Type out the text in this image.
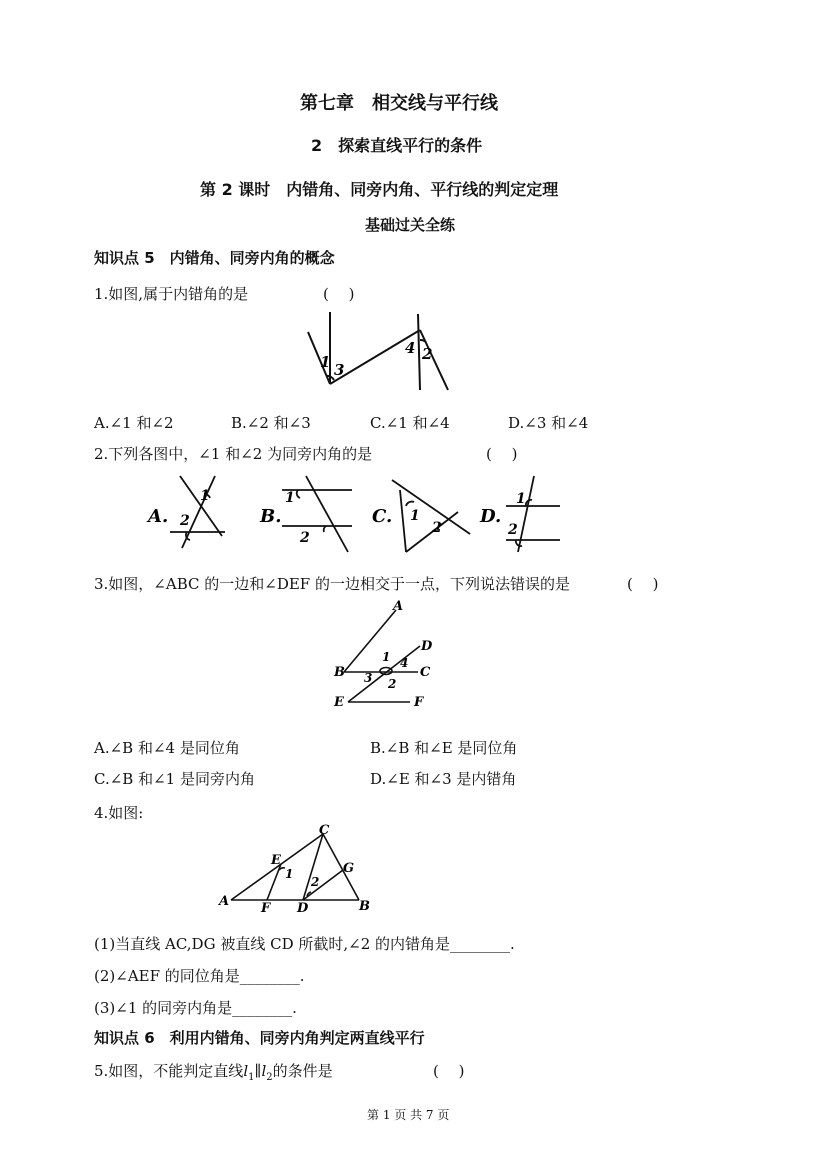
第七章　相交线与平行线
2　探索直线平行的条件
第 2 课时　内错角、同旁内角、平行线的判定定理
基础过关全练
知识点 5　内错角、同旁内角的概念
1.如图,属于内错角的是	(　 )
1 3
4 2
A.∠1 和∠2	B.∠2 和∠3	C.∠1 和∠4	D.∠3 和∠4
2.下列各图中，∠1 和∠2 为同旁内角的是	(　 )
A.
1
2	B.
1
2
C. 1
2
D.
1
2
3.如图，∠ABC 的一边和∠DEF 的一边相交于一点，下列说法错误的是	(　 )
A
D
B	C
E	F
1 4
3 2
A.∠B 和∠4 是同位角	B.∠B 和∠E 是同位角
C.∠B 和∠1 是同旁内角	D.∠E 和∠3 是内错角
4.如图:
C
E
G
A F D	B
1
2
(1)当直线 AC,DG 被直线 CD 所截时,∠2 的内错角是________.
(2)∠AEF 的同位角是________.
(3)∠1 的同旁内角是________.
知识点 6　利用内错角、同旁内角判定两直线平行
5.如图，不能判定直线$l_1\parallel l_2$的条件是	(　 )
第 1 页 共 7 页
